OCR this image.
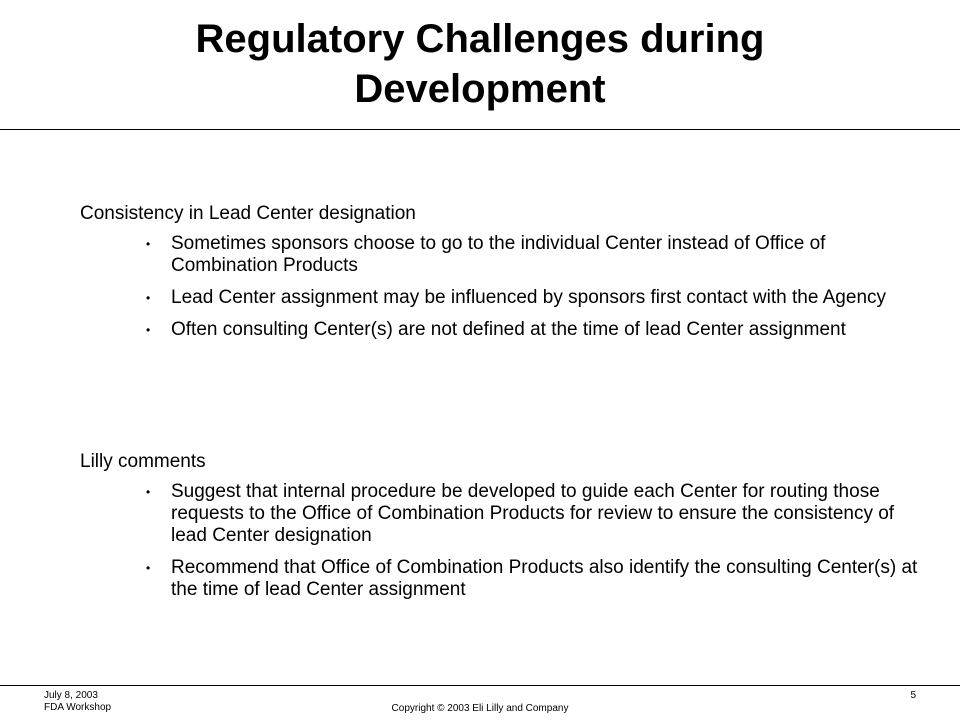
Regulatory Challenges during
Development

Consistency in Lead Center designation

• Sometimes sponsors choose to go to the individual Center instead of Office of Combination Products
• Lead Center assignment may be influenced by sponsors first contact with the Agency
• Often consulting Center(s) are not defined at the time of lead Center assignment

Lilly comments

• Suggest that internal procedure be developed to guide each Center for routing those requests to the Office of Combination Products for review to ensure the consistency of lead Center designation
• Recommend that Office of Combination Products also identify the consulting Center(s) at the time of lead Center assignment
July 8, 2003
FDA Workshop	Copyright © 2003 Eli Lilly and Company
5
